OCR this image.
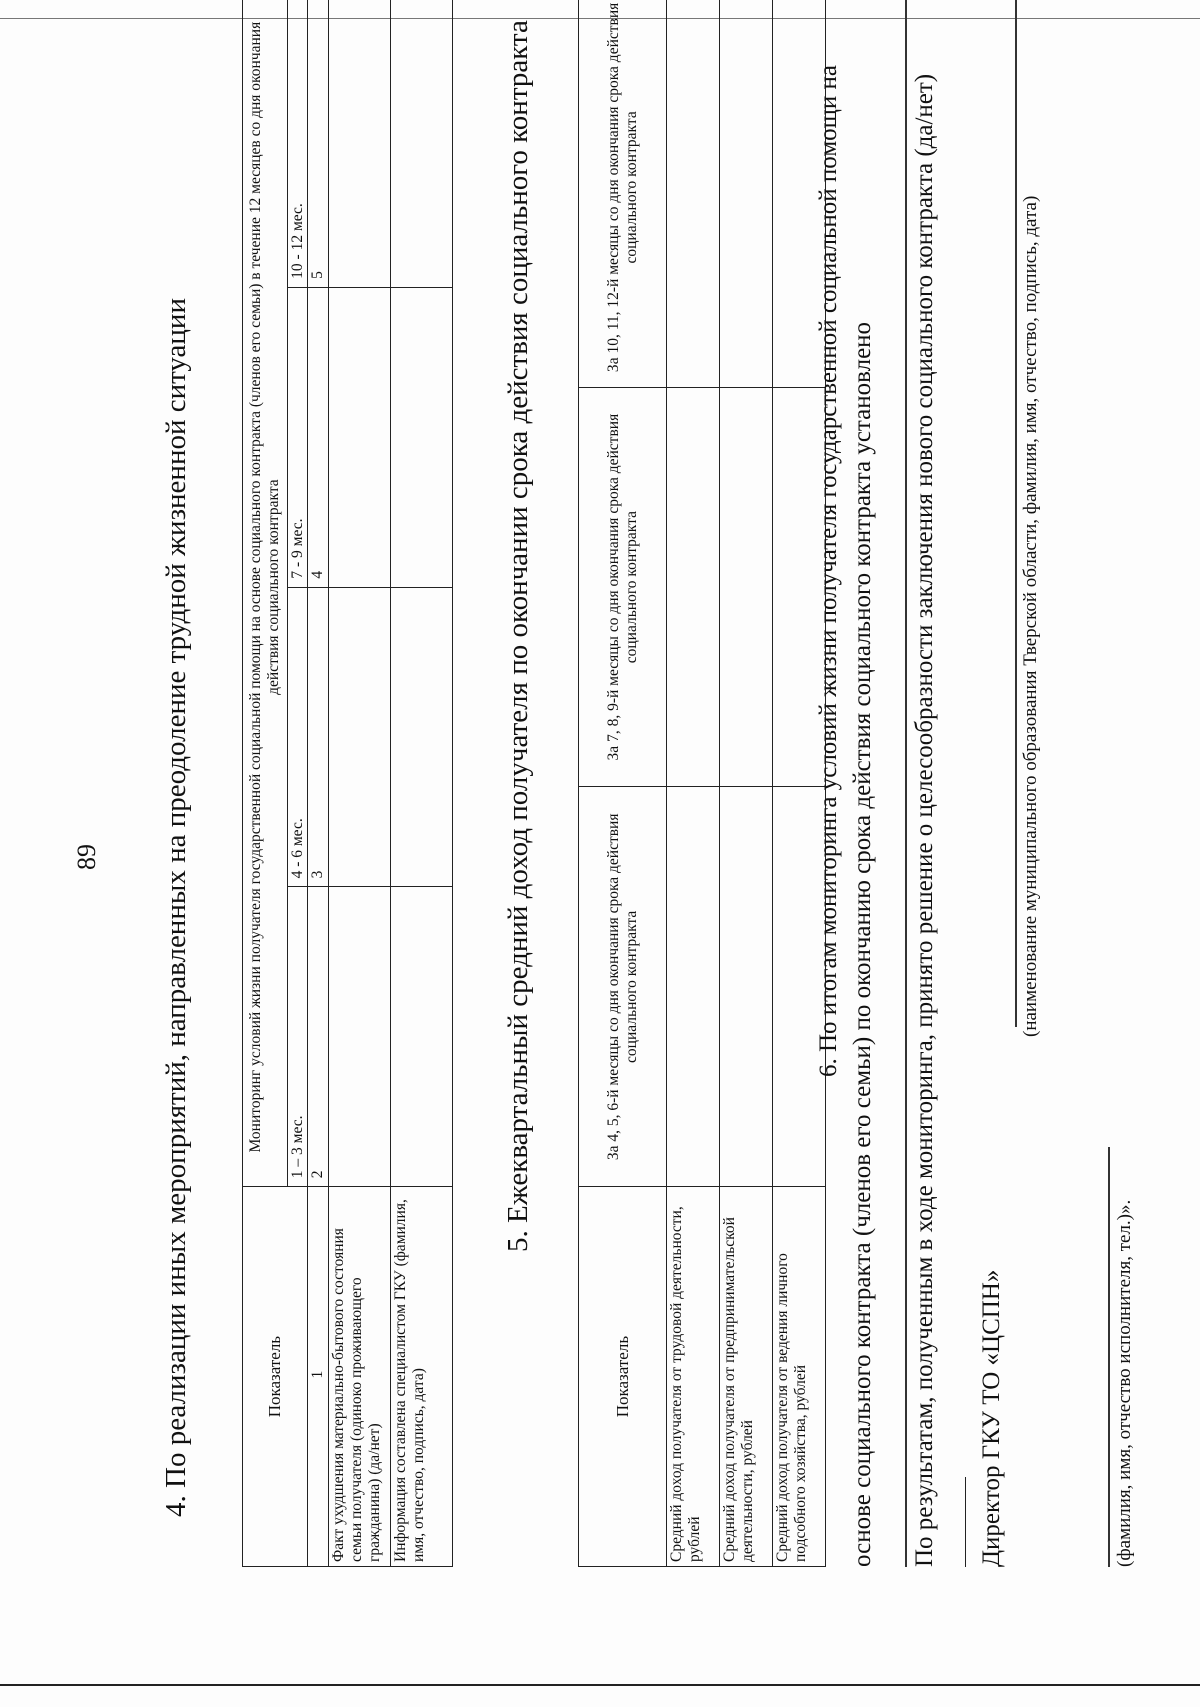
89 4. По реализации иных мероприятий, направленных на преодоление трудной жизненной ситуации	Показатель	Мониторинг условий жизни получателя государственной социальной помощи на основе социального контракта (членов его семьи) в течение 12 месяцев со дня окончания действия социального контракта			
	1 – 3 мес.	4 - 6 мес.	7 - 9 мес.	10 - 12 мес.
1	2	3	4	5
Факт ухудшения материально-бытового состояния семьи получателя (одиноко проживающего гражданина) (да/нет)				
Информация составлена специалистом ГКУ (фамилия, имя, отчество, подпись, дата)				
5. Ежеквартальный средний доход получателя по окончании срока действия социального контракта
Показатель	За 4, 5, 6-й месяцы со дня окончания срока действия социального контракта	За 7, 8, 9-й месяцы со дня окончания срока действия социального контракта	За 10, 11, 12-й месяцы со дня окончания срока действия социального контракта
Средний доход получателя от трудовой деятельности, рублей			
Средний доход получателя от предпринимательской деятельности, рублей			
Средний доход получателя от ведения личного подсобного хозяйства, рублей			
6. По итогам мониторинга условий жизни получателя государственной социальной помощи на основе социального контракта (членов его семьи) по окончанию срока действия социального контракта установлено По результатам, полученным в ходе мониторинга, принято решение о целесообразности заключения нового социального контракта (да/нет)	Директор ГКУ ТО «ЦСПН»
(наименование муниципального образования Тверской области, фамилия, имя, отчество, подпись, дата)
(фамилия, имя, отчество исполнителя, тел.)».
